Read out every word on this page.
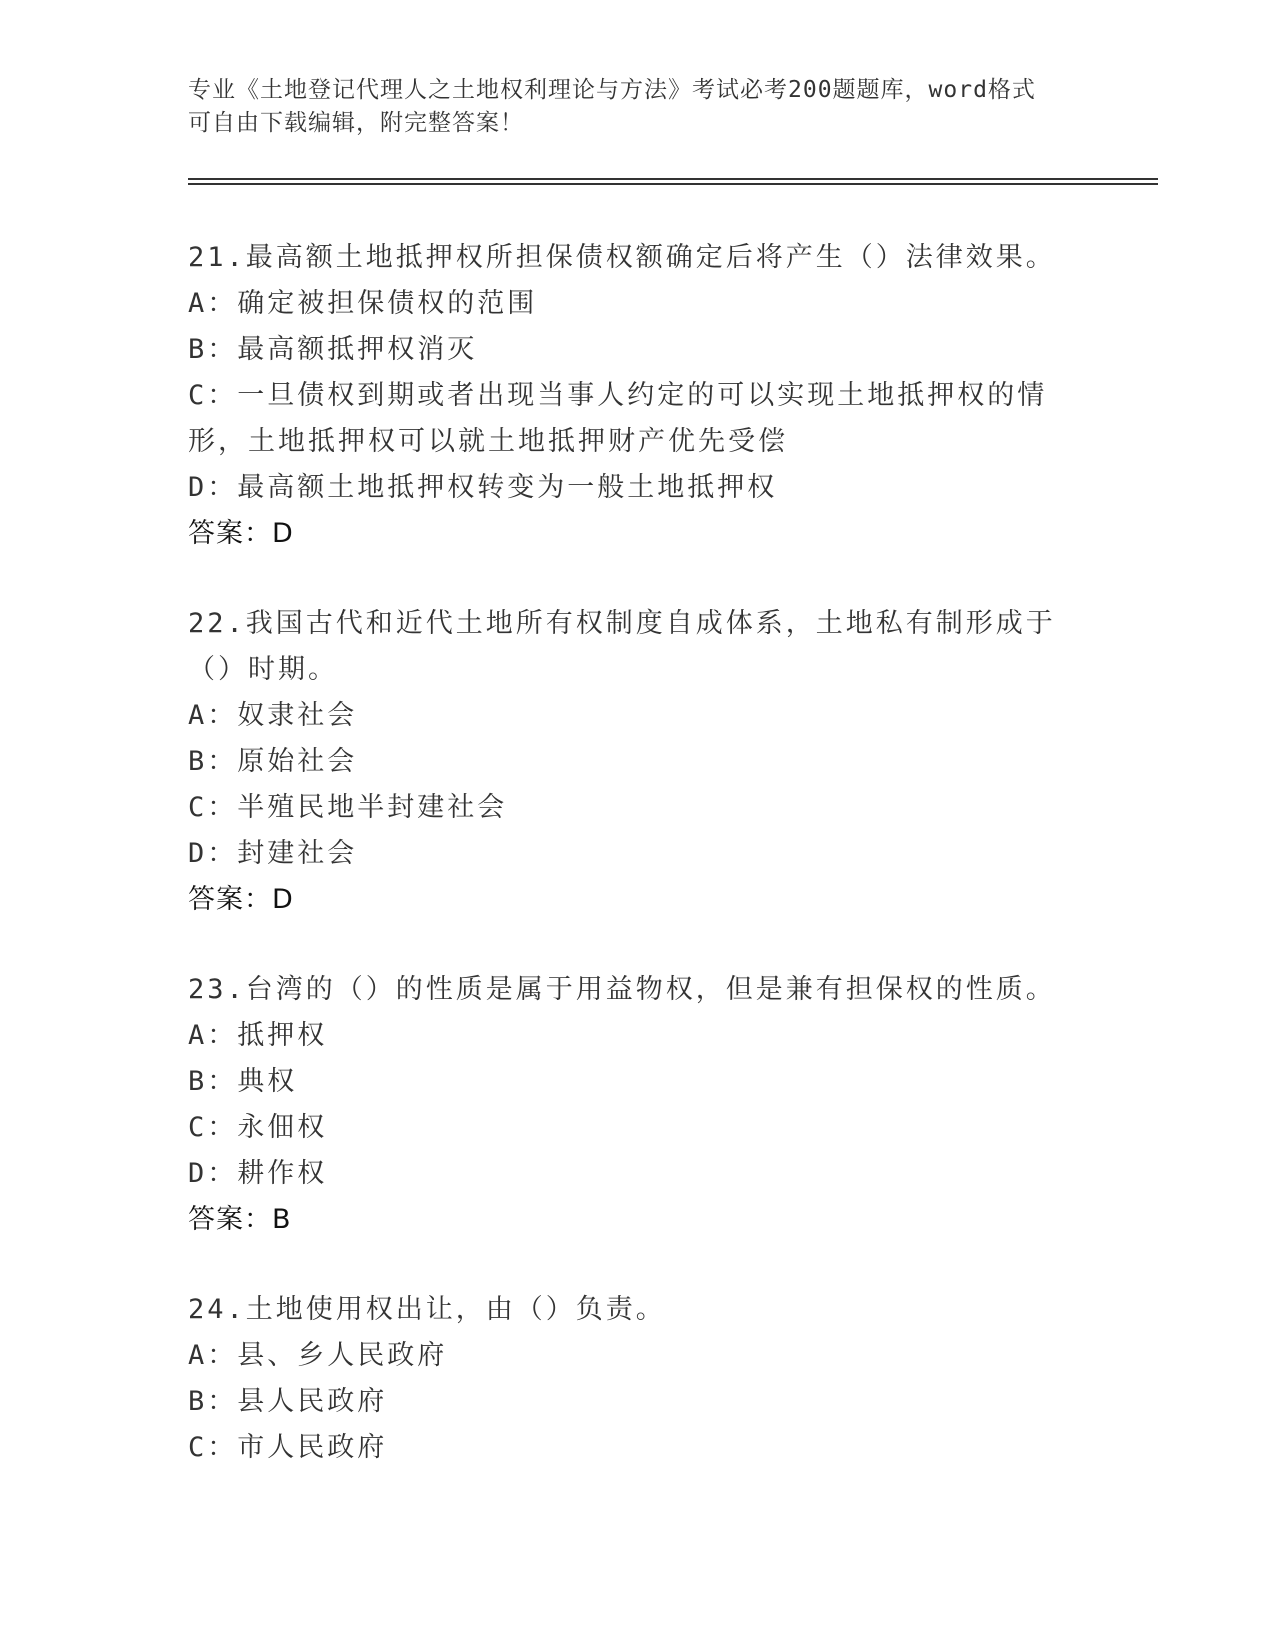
专业《土地登记代理人之土地权利理论与方法》考试必考200题题库，word格式
可自由下载编辑，附完整答案！
21.最高额土地抵押权所担保债权额确定后将产生（）法律效果。
A：确定被担保债权的范围
B：最高额抵押权消灭
C：一旦债权到期或者出现当事人约定的可以实现土地抵押权的情形，土地抵押权可以就土地抵押财产优先受偿
D：最高额土地抵押权转变为一般土地抵押权
答案：D
22.我国古代和近代土地所有权制度自成体系，土地私有制形成于（）时期。
A：奴隶社会
B：原始社会
C：半殖民地半封建社会
D：封建社会
答案：D
23.台湾的（）的性质是属于用益物权，但是兼有担保权的性质。
A：抵押权
B：典权
C：永佃权
D：耕作权
答案：B
24.土地使用权出让，由（）负责。
A：县、乡人民政府
B：县人民政府
C：市人民政府
